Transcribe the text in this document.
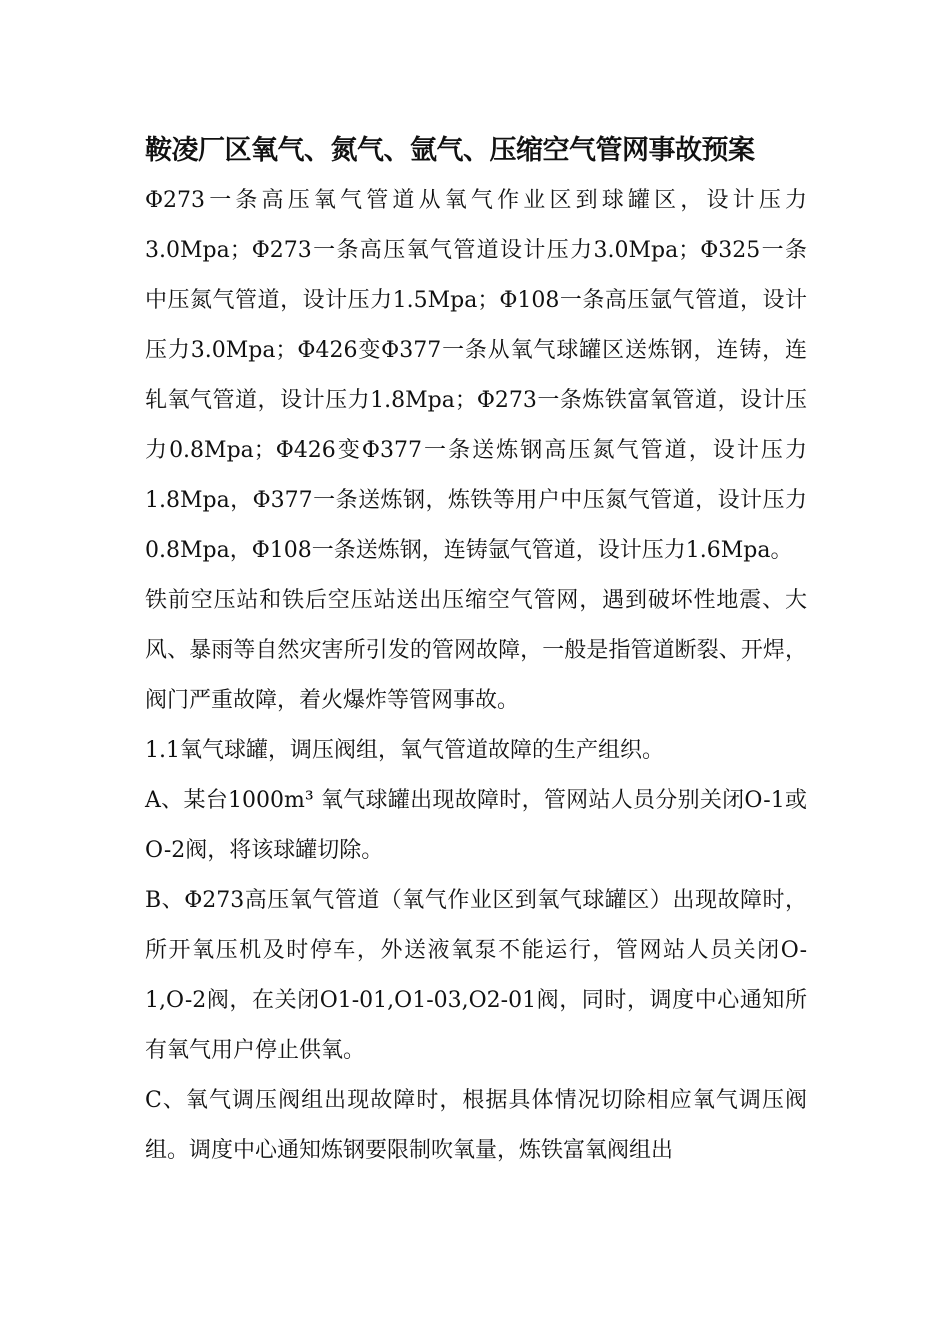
鞍凌厂区氧气、氮气、氩气、压缩空气管网事故预案

Φ273一条高压氧气管道从氧气作业区到球罐区，设计压力3.0Mpa；Φ273一条高压氧气管道设计压力3.0Mpa；Φ325一条中压氮气管道，设计压力1.5Mpa；Φ108一条高压氩气管道，设计压力3.0Mpa；Φ426变Φ377一条从氧气球罐区送炼钢，连铸，连轧氧气管道，设计压力1.8Mpa；Φ273一条炼铁富氧管道，设计压力0.8Mpa；Φ426变Φ377一条送炼钢高压氮气管道，设计压力1.8Mpa，Φ377一条送炼钢，炼铁等用户中压氮气管道，设计压力0.8Mpa，Φ108一条送炼钢，连铸氩气管道，设计压力1.6Mpa。

铁前空压站和铁后空压站送出压缩空气管网，遇到破坏性地震、大风、暴雨等自然灾害所引发的管网故障，一般是指管道断裂、开焊，阀门严重故障，着火爆炸等管网事故。

1.1氧气球罐，调压阀组，氧气管道故障的生产组织。

A、某台1000m³ 氧气球罐出现故障时，管网站人员分别关闭O-1或O-2阀，将该球罐切除。

B、Φ273高压氧气管道（氧气作业区到氧气球罐区）出现故障时，所开氧压机及时停车，外送液氧泵不能运行，管网站人员关闭O-1,O-2阀，在关闭O1-01,O1-03,O2-01阀，同时，调度中心通知所有氧气用户停止供氧。

C、氧气调压阀组出现故障时，根据具体情况切除相应氧气调压阀组。调度中心通知炼钢要限制吹氧量，炼铁富氧阀组出
